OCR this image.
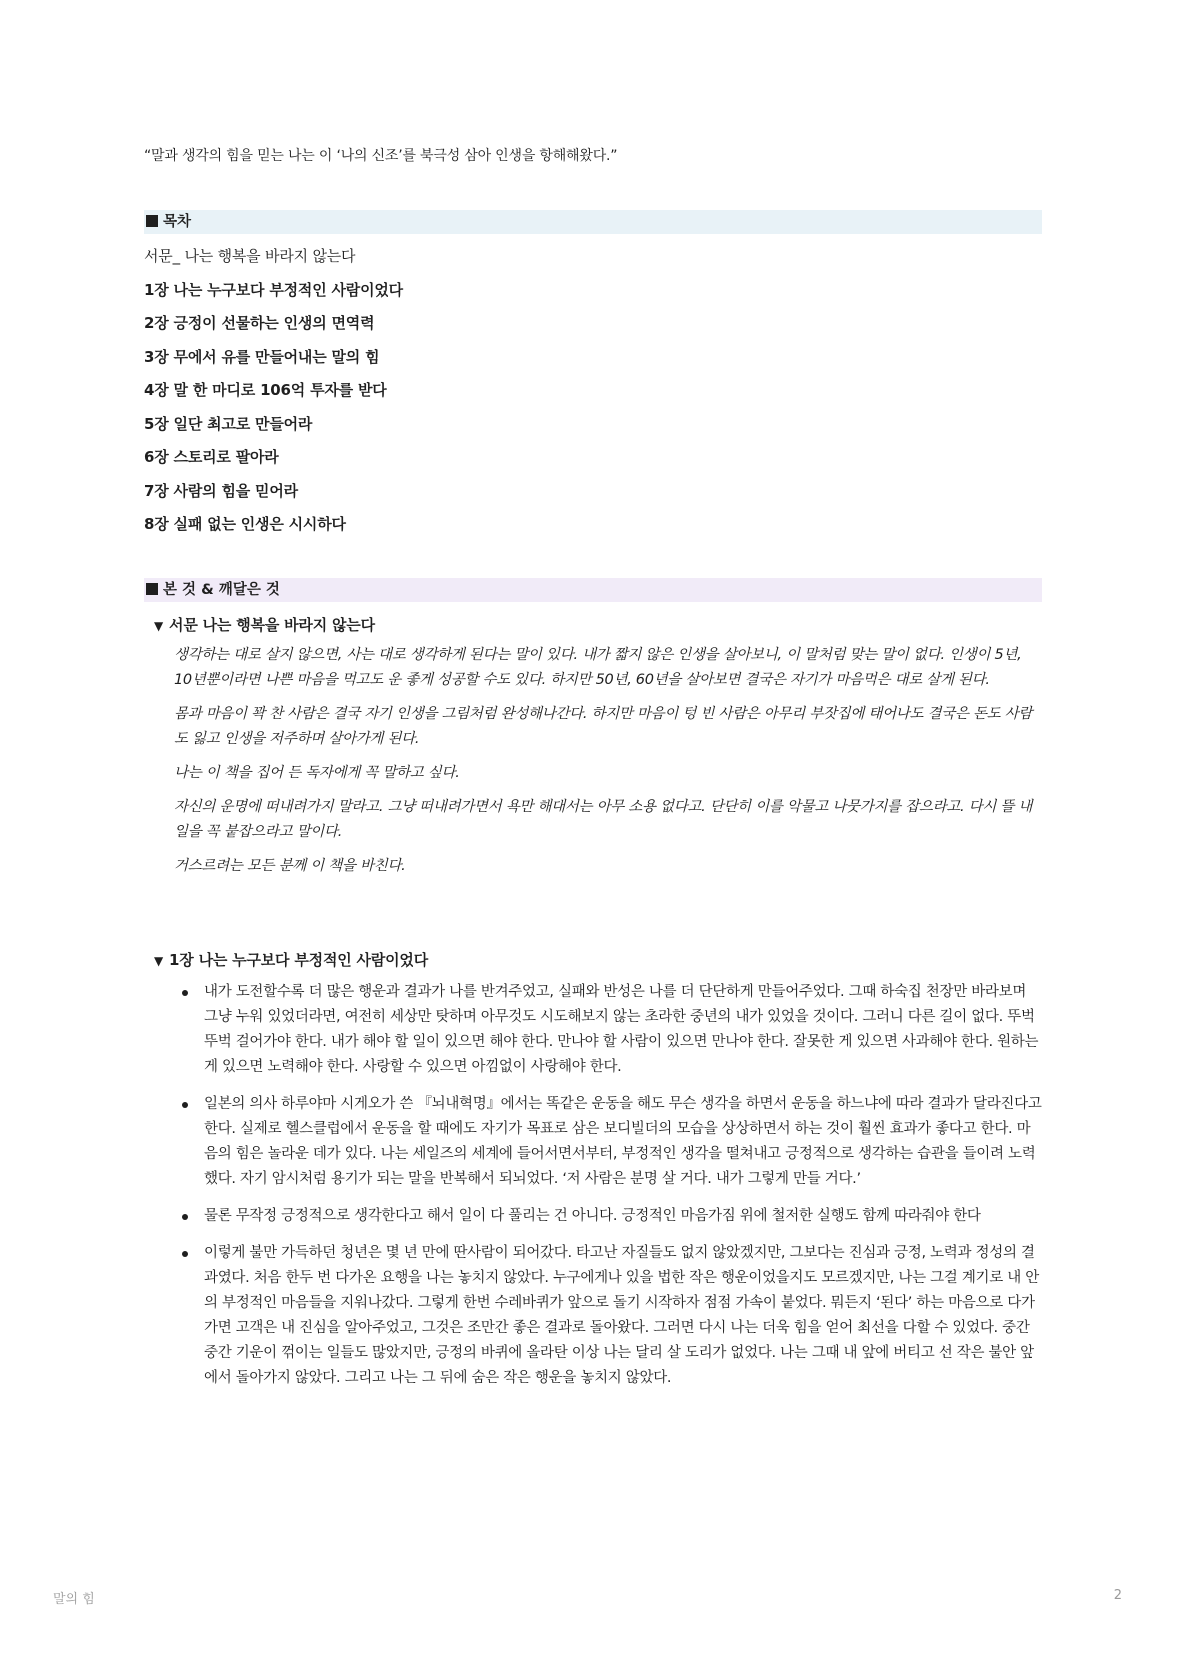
“말과 생각의 힘을 믿는 나는 이 ‘나의 신조’를 북극성 삼아 인생을 항해해왔다.”
목차
서문_ 나는 행복을 바라지 않는다
1장 나는 누구보다 부정적인 사람이었다
2장 긍정이 선물하는 인생의 면역력
3장 무에서 유를 만들어내는 말의 힘
4장 말 한 마디로 106억 투자를 받다
5장 일단 최고로 만들어라
6장 스토리로 팔아라
7장 사람의 힘을 믿어라
8장 실패 없는 인생은 시시하다
본 것 & 깨달은 것
▼ 서문 나는 행복을 바라지 않는다

생각하는 대로 살지 않으면, 사는 대로 생각하게 된다는 말이 있다. 내가 짧지 않은 인생을 살아보니, 이 말처럼 맞는 말이 없다. 인생이 5년, 10년뿐이라면 나쁜 마음을 먹고도 운 좋게 성공할 수도 있다. 하지만 50년, 60년을 살아보면 결국은 자기가 마음먹은 대로 살게 된다.

몸과 마음이 꽉 찬 사람은 결국 자기 인생을 그림처럼 완성해나간다. 하지만 마음이 텅 빈 사람은 아무리 부잣집에 태어나도 결국은 돈도 사람도 잃고 인생을 저주하며 살아가게 된다.

나는 이 책을 집어 든 독자에게 꼭 말하고 싶다.

자신의 운명에 떠내려가지 말라고. 그냥 떠내려가면서 욕만 해대서는 아무 소용 없다고. 단단히 이를 악물고 나뭇가지를 잡으라고. 다시 뜰 내일을 꼭 붙잡으라고 말이다.

거스르려는 모든 분께 이 책을 바친다.

▼ 1장 나는 누구보다 부정적인 사람이었다
내가 도전할수록 더 많은 행운과 결과가 나를 반겨주었고, 실패와 반성은 나를 더 단단하게 만들어주었다. 그때 하숙집 천장만 바라보며 그냥 누워 있었더라면, 여전히 세상만 탓하며 아무것도 시도해보지 않는 초라한 중년의 내가 있었을 것이다. 그러니 다른 길이 없다. 뚜벅뚜벅 걸어가야 한다. 내가 해야 할 일이 있으면 해야 한다. 만나야 할 사람이 있으면 만나야 한다. 잘못한 게 있으면 사과해야 한다. 원하는 게 있으면 노력해야 한다. 사랑할 수 있으면 아낌없이 사랑해야 한다.
일본의 의사 하루야마 시게오가 쓴 『뇌내혁명』에서는 똑같은 운동을 해도 무슨 생각을 하면서 운동을 하느냐에 따라 결과가 달라진다고 한다. 실제로 헬스클럽에서 운동을 할 때에도 자기가 목표로 삼은 보디빌더의 모습을 상상하면서 하는 것이 훨씬 효과가 좋다고 한다. 마음의 힘은 놀라운 데가 있다. 나는 세일즈의 세계에 들어서면서부터, 부정적인 생각을 떨쳐내고 긍정적으로 생각하는 습관을 들이려 노력했다. 자기 암시처럼 용기가 되는 말을 반복해서 되뇌었다. ‘저 사람은 분명 살 거다. 내가 그렇게 만들 거다.’
물론 무작정 긍정적으로 생각한다고 해서 일이 다 풀리는 건 아니다. 긍정적인 마음가짐 위에 철저한 실행도 함께 따라줘야 한다
이렇게 불만 가득하던 청년은 몇 년 만에 딴사람이 되어갔다. 타고난 자질들도 없지 않았겠지만, 그보다는 진심과 긍정, 노력과 정성의 결과였다. 처음 한두 번 다가온 요행을 나는 놓치지 않았다. 누구에게나 있을 법한 작은 행운이었을지도 모르겠지만, 나는 그걸 계기로 내 안의 부정적인 마음들을 지워나갔다. 그렇게 한번 수레바퀴가 앞으로 돌기 시작하자 점점 가속이 붙었다. 뭐든지 ‘된다’ 하는 마음으로 다가가면 고객은 내 진심을 알아주었고, 그것은 조만간 좋은 결과로 돌아왔다. 그러면 다시 나는 더욱 힘을 얻어 최선을 다할 수 있었다. 중간중간 기운이 꺾이는 일들도 많았지만, 긍정의 바퀴에 올라탄 이상 나는 달리 살 도리가 없었다. 나는 그때 내 앞에 버티고 선 작은 불안 앞에서 돌아가지 않았다. 그리고 나는 그 뒤에 숨은 작은 행운을 놓치지 않았다.
말의 힘	2
